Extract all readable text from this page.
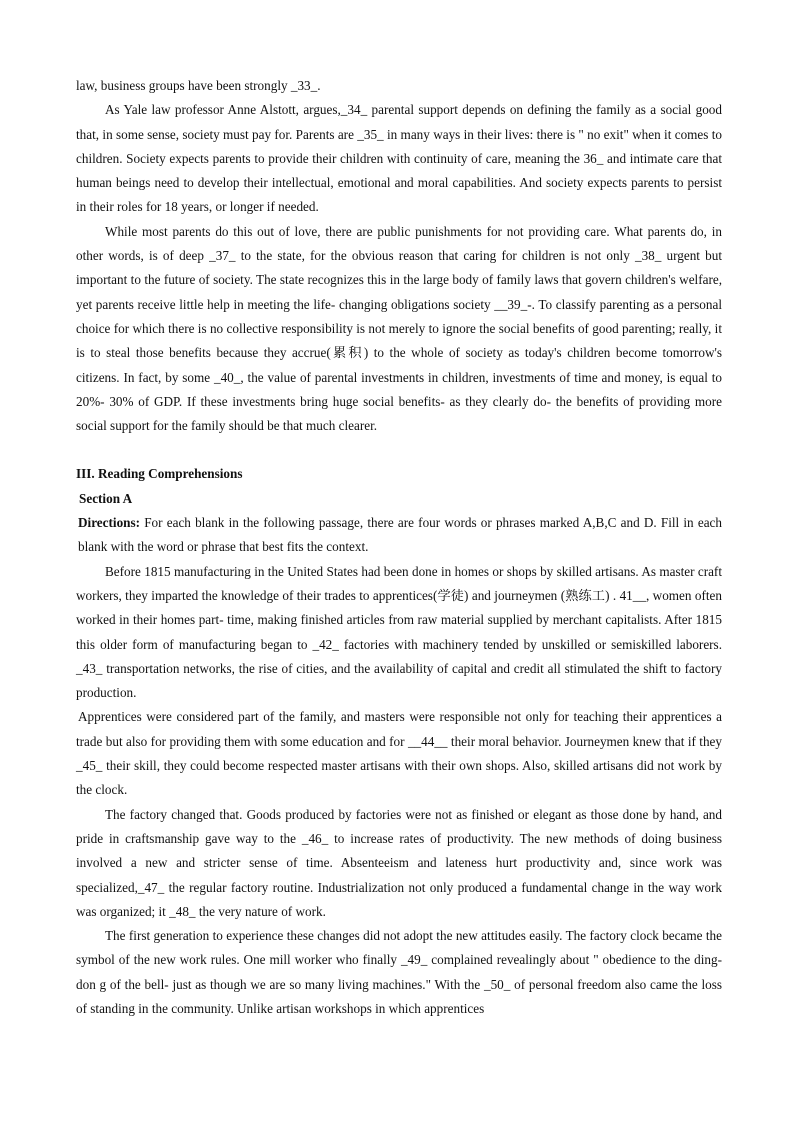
law, business groups have been strongly _33_.

As Yale law professor Anne Alstott, argues,_34_ parental support depends on defining the family as a social good that, in some sense, society must pay for. Parents are _35_ in many ways in their lives: there is " no exit" when it comes to children. Society expects parents to provide their children with continuity of care, meaning the 36_ and intimate care that human beings need to develop their intellectual, emotional and moral capabilities. And society expects parents to persist in their roles for 18 years, or longer if needed.

While most parents do this out of love, there are public punishments for not providing care. What parents do, in other words, is of deep _37_ to the state, for the obvious reason that caring for children is not only _38_ urgent but important to the future of society. The state recognizes this in the large body of family laws that govern children's welfare, yet parents receive little help in meeting the life- changing obligations society __39_-. To classify parenting as a personal choice for which there is no collective responsibility is not merely to ignore the social benefits of good parenting; really, it is to steal those benefits because they accrue(累积) to the whole of society as today's children become tomorrow's citizens. In fact, by some _40_, the value of parental investments in children, investments of time and money, is equal to 20%- 30% of GDP. If these investments bring huge social benefits- as they clearly do- the benefits of providing more social support for the family should be that much clearer.

III. Reading Comprehensions

Section A

Directions: For each blank in the following passage, there are four words or phrases marked A,B,C and D. Fill in each blank with the word or phrase that best fits the context.

Before 1815 manufacturing in the United States had been done in homes or shops by skilled artisans. As master craft workers, they imparted the knowledge of their trades to apprentices(学徒) and journeymen (熟练工) . 41__, women often worked in their homes part- time, making finished articles from raw material supplied by merchant capitalists. After 1815 this older form of manufacturing began to _42_ factories with machinery tended by unskilled or semiskilled laborers. _43_ transportation networks, the rise of cities, and the availability of capital and credit all stimulated the shift to factory production.

Apprentices were considered part of the family, and masters were responsible not only for teaching their apprentices a trade but also for providing them with some education and for __44__ their moral behavior. Journeymen knew that if they _45_ their skill, they could become respected master artisans with their own shops. Also, skilled artisans did not work by the clock.

The factory changed that. Goods produced by factories were not as finished or elegant as those done by hand, and pride in craftsmanship gave way to the _46_ to increase rates of productivity. The new methods of doing business involved a new and stricter sense of time. Absenteeism and lateness hurt productivity and, since work was specialized,_47_ the regular factory routine. Industrialization not only produced a fundamental change in the way work was organized; it _48_ the very nature of work.

The first generation to experience these changes did not adopt the new attitudes easily. The factory clock became the symbol of the new work rules. One mill worker who finally _49_ complained revealingly about " obedience to the ding- don g of the bell- just as though we are so many living machines." With the _50_ of personal freedom also came the loss of standing in the community. Unlike artisan workshops in which apprentices
